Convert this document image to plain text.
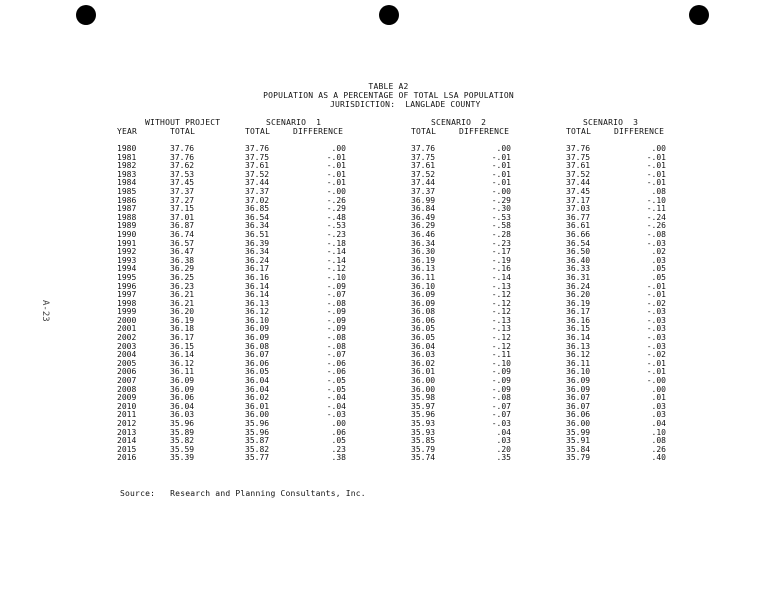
A-23
TABLE A2
POPULATION AS A PERCENTAGE OF TOTAL LSA POPULATION
JURISDICTION:  LANGLADE COUNTY
WITHOUT PROJECT	SCENARIO  1	SCENARIO  2	SCENARIO  3
YEAR	TOTAL	TOTAL	DIFFERENCE	TOTAL	DIFFERENCE	TOTAL	DIFFERENCE
1980	37.76	37.76	.00	37.76	.00	37.76	.00
1981	37.76	37.75	-.01	37.75	-.01	37.75	-.01
1982	37.62	37.61	-.01	37.61	-.01	37.61	-.01
1983	37.53	37.52	-.01	37.52	-.01	37.52	-.01
1984	37.45	37.44	-.01	37.44	-.01	37.44	-.01
1985	37.37	37.37	-.00	37.37	-.00	37.45	.08
1986	37.27	37.02	-.26	36.99	-.29	37.17	-.10
1987	37.15	36.85	-.29	36.84	-.30	37.03	-.11
1988	37.01	36.54	-.48	36.49	-.53	36.77	-.24
1989	36.87	36.34	-.53	36.29	-.58	36.61	-.26
1990	36.74	36.51	-.23	36.46	-.28	36.66	-.08
1991	36.57	36.39	-.18	36.34	-.23	36.54	-.03
1992	36.47	36.34	-.14	36.30	-.17	36.50	.02
1993	36.38	36.24	-.14	36.19	-.19	36.40	.03
1994	36.29	36.17	-.12	36.13	-.16	36.33	.05
1995	36.25	36.16	-.10	36.11	-.14	36.31	.05
1996	36.23	36.14	-.09	36.10	-.13	36.24	-.01
1997	36.21	36.14	-.07	36.09	-.12	36.20	-.01
1998	36.21	36.13	-.08	36.09	-.12	36.19	-.02
1999	36.20	36.12	-.09	36.08	-.12	36.17	-.03
2000	36.19	36.10	-.09	36.06	-.13	36.16	-.03
2001	36.18	36.09	-.09	36.05	-.13	36.15	-.03
2002	36.17	36.09	-.08	36.05	-.12	36.14	-.03
2003	36.15	36.08	-.08	36.04	-.12	36.13	-.03
2004	36.14	36.07	-.07	36.03	-.11	36.12	-.02
2005	36.12	36.06	-.06	36.02	-.10	36.11	-.01
2006	36.11	36.05	-.06	36.01	-.09	36.10	-.01
2007	36.09	36.04	-.05	36.00	-.09	36.09	-.00
2008	36.09	36.04	-.05	36.00	-.09	36.09	.00
2009	36.06	36.02	-.04	35.98	-.08	36.07	.01
2010	36.04	36.01	-.04	35.97	-.07	36.07	.03
2011	36.03	36.00	-.03	35.96	-.07	36.06	.03
2012	35.96	35.96	.00	35.93	-.03	36.00	.04
2013	35.89	35.96	.06	35.93	.04	35.99	.10
2014	35.82	35.87	.05	35.85	.03	35.91	.08
2015	35.59	35.82	.23	35.79	.20	35.84	.26
2016	35.39	35.77	.38	35.74	.35	35.79	.40
Source:   Research and Planning Consultants, Inc.
